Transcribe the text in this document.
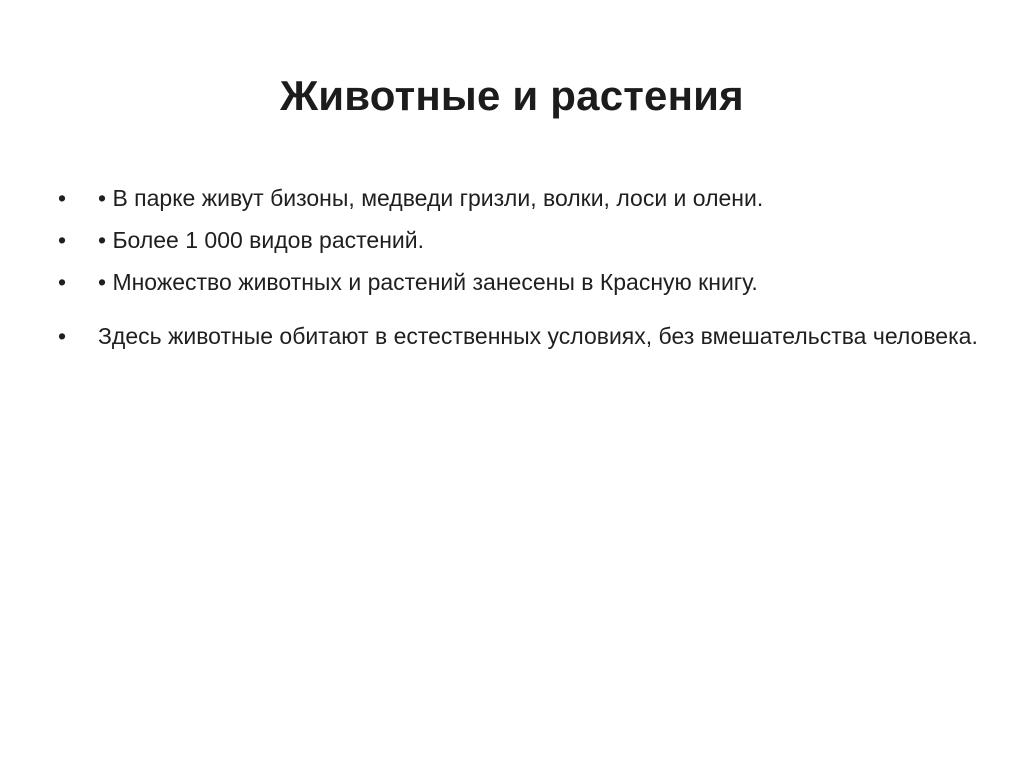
Животные и растения
•	• В парке живут бизоны, медведи гризли, волки, лоси и олени.
•	• Более 1 000 видов растений.
•	• Множество животных и растений занесены в Красную книгу.
•	Здесь животные обитают в естественных условиях, без вмешательства человека.
